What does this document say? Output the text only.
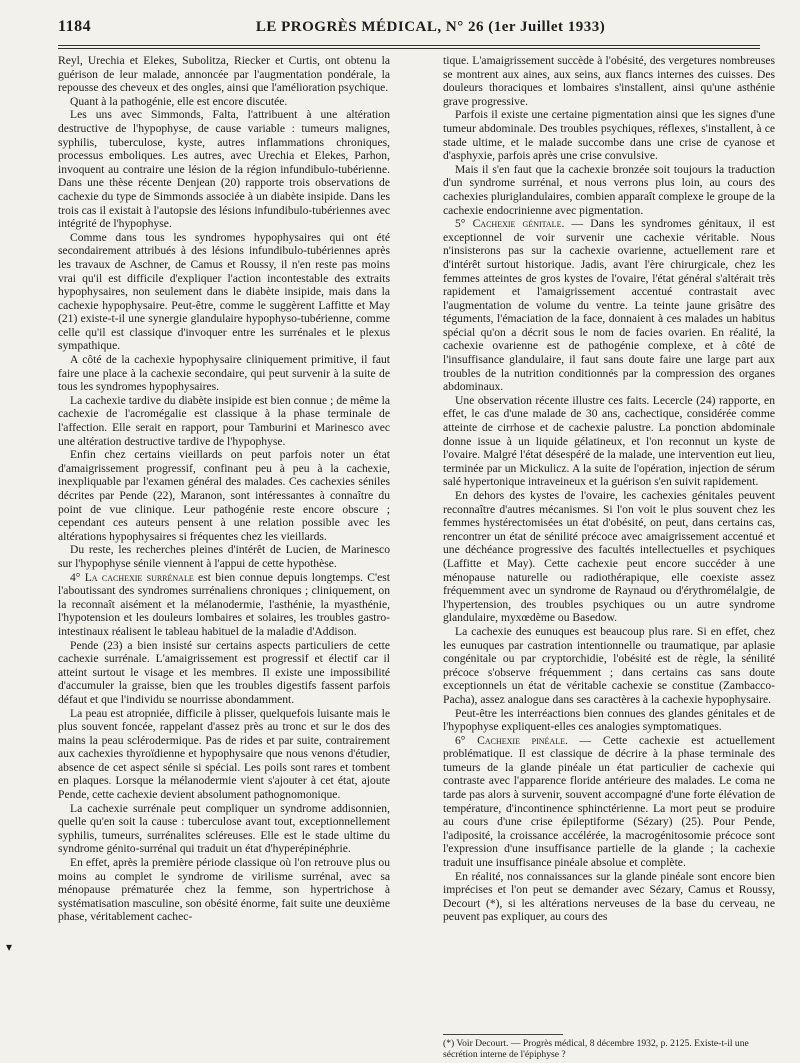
1184	LE PROGRÈS MÉDICAL, N° 26 (1er Juillet 1933)

Reyl, Urechia et Elekes, Subolitza, Riecker et Curtis, ont obtenu la guérison de leur malade, annoncée par l'augmentation pondérale, la repousse des cheveux et des ongles, ainsi que l'amélioration psychique.

Quant à la pathogénie, elle est encore discutée.

Les uns avec Simmonds, Falta, l'attribuent à une altération destructive de l'hypophyse, de cause variable : tumeurs malignes, syphilis, tuberculose, kyste, autres inflammations chroniques, processus emboliques. Les autres, avec Urechia et Elekes, Parhon, invoquent au contraire une lésion de la région infundibulo-tubérienne. Dans une thèse récente Denjean (20) rapporte trois observations de cachexie du type de Simmonds associée à un diabète insipide. Dans les trois cas il existait à l'autopsie des lésions infundibulo-tubériennes avec intégrité de l'hypophyse.

Comme dans tous les syndromes hypophysaires qui ont été secondairement attribués à des lésions infundibulo-tubériennes après les travaux de Aschner, de Camus et Roussy, il n'en reste pas moins vrai qu'il est difficile d'expliquer l'action incontestable des extraits hypophysaires, non seulement dans le diabète insipide, mais dans la cachexie hypophysaire. Peut-être, comme le suggèrent Laffitte et May (21) existe-t-il une synergie glandulaire hypophyso-tubérienne, comme celle qu'il est classique d'invoquer entre les surrénales et le plexus sympathique.

A côté de la cachexie hypophysaire cliniquement primitive, il faut faire une place à la cachexie secondaire, qui peut survenir à la suite de tous les syndromes hypophysaires.

La cachexie tardive du diabète insipide est bien connue ; de même la cachexie de l'acromégalie est classique à la phase terminale de l'affection. Elle serait en rapport, pour Tamburini et Marinesco avec une altération destructive tardive de l'hypophyse.

Enfin chez certains vieillards on peut parfois noter un état d'amaigrissement progressif, confinant peu à peu à la cachexie, inexpliquable par l'examen général des malades. Ces cachexies séniles décrites par Pende (22), Maranon, sont intéressantes à connaître du point de vue clinique. Leur pathogénie reste encore obscure ; cependant ces auteurs pensent à une relation possible avec les altérations hypophysaires si fréquentes chez les vieillards.

Du reste, les recherches pleines d'intérêt de Lucien, de Marinesco sur l'hypophyse sénile viennent à l'appui de cette hypothèse.

4° La cachexie surrénale est bien connue depuis longtemps. C'est l'aboutissant des syndromes surrénaliens chroniques ; cliniquement, on la reconnaît aisément et la mélanodermie, l'asthénie, la myasthénie, l'hypotension et les douleurs lombaires et solaires, les troubles gastro-intestinaux réalisent le tableau habituel de la maladie d'Addison.

Pende (23) a bien insisté sur certains aspects particuliers de cette cachexie surrénale. L'amaigrissement est progressif et électif car il atteint surtout le visage et les membres. Il existe une impossibilité d'accumuler la graisse, bien que les troubles digestifs fassent parfois défaut et que l'individu se nourrisse abondamment.

La peau est atropniée, difficile à plisser, quelquefois luisante mais le plus souvent foncée, rappelant d'assez près au tronc et sur le dos des mains la peau sclérodermique. Pas de rides et par suite, contrairement aux cachexies thyroïdienne et hypophysaire que nous venons d'étudier, absence de cet aspect sénile si spécial. Les poils sont rares et tombent en plaques. Lorsque la mélanodermie vient s'ajouter à cet état, ajoute Pende, cette cachexie devient absolument pathognomonique.

La cachexie surrénale peut compliquer un syndrome addisonnien, quelle qu'en soit la cause : tuberculose avant tout, exceptionnellement syphilis, tumeurs, surrénalites scléreuses. Elle est le stade ultime du syndrome génito-surrénal qui traduit un état d'hyperépinéphrie.

En effet, après la première période classique où l'on retrouve plus ou moins au complet le syndrome de virilisme surrénal, avec sa ménopause prématurée chez la femme, son hypertrichose à systématisation masculine, son obésité énorme, fait suite une deuxième phase, véritablement cachec-

tique. L'amaigrissement succède à l'obésité, des vergetures nombreuses se montrent aux aines, aux seins, aux flancs internes des cuisses. Des douleurs thoraciques et lombaires s'installent, ainsi qu'une asthénie grave progressive.

Parfois il existe une certaine pigmentation ainsi que les signes d'une tumeur abdominale. Des troubles psychiques, réflexes, s'installent, à ce stade ultime, et le malade succombe dans une crise de cyanose et d'asphyxie, parfois après une crise convulsive.

Mais il s'en faut que la cachexie bronzée soit toujours la traduction d'un syndrome surrénal, et nous verrons plus loin, au cours des cachexies pluriglandulaires, combien apparaît complexe le groupe de la cachexie endocrinienne avec pigmentation.

5° Cachexie génitale. — Dans les syndromes génitaux, il est exceptionnel de voir survenir une cachexie véritable. Nous n'insisterons pas sur la cachexie ovarienne, actuellement rare et d'intérêt surtout historique. Jadis, avant l'ère chirurgicale, chez les femmes atteintes de gros kystes de l'ovaire, l'état général s'altérait très rapidement et l'amaigrissement accentué contrastait avec l'augmentation de volume du ventre. La teinte jaune grisâtre des téguments, l'émaciation de la face, donnaient à ces malades un habitus spécial qu'on a décrit sous le nom de facies ovarien. En réalité, la cachexie ovarienne est de pathogénie complexe, et à côté de l'insuffisance glandulaire, il faut sans doute faire une large part aux troubles de la nutrition conditionnés par la compression des organes abdominaux.

Une observation récente illustre ces faits. Lecercle (24) rapporte, en effet, le cas d'une malade de 30 ans, cachectique, considérée comme atteinte de cirrhose et de cachexie palustre. La ponction abdominale donne issue à un liquide gélatineux, et l'on reconnut un kyste de l'ovaire. Malgré l'état désespéré de la malade, une intervention eut lieu, terminée par un Mickulicz. A la suite de l'opération, injection de sérum salé hypertonique intraveineux et la guérison s'en suivit rapidement.

En dehors des kystes de l'ovaire, les cachexies génitales peuvent reconnaître d'autres mécanismes. Si l'on voit le plus souvent chez les femmes hystérectomisées un état d'obésité, on peut, dans certains cas, rencontrer un état de sénilité précoce avec amaigrissement accentué et une déchéance progressive des facultés intellectuelles et psychiques (Laffitte et May). Cette cachexie peut encore succéder à une ménopause naturelle ou radiothérapique, elle coexiste assez fréquemment avec un syndrome de Raynaud ou d'érythromélalgie, de l'hypertension, des troubles psychiques ou un autre syndrome glandulaire, myxœdème ou Basedow.

La cachexie des eunuques est beaucoup plus rare. Si en effet, chez les eunuques par castration intentionnelle ou traumatique, par aplasie congénitale ou par cryptorchidie, l'obésité est de règle, la sénilité précoce s'observe fréquemment ; dans certains cas sans doute exceptionnels un état de véritable cachexie se constitue (Zambacco-Pacha), assez analogue dans ses caractères à la cachexie hypophysaire.

Peut-être les interréactions bien connues des glandes génitales et de l'hypophyse expliquent-elles ces analogies symptomatiques.

6° Cachexie pinéale. — Cette cachexie est actuellement problématique. Il est classique de décrire à la phase terminale des tumeurs de la glande pinéale un état particulier de cachexie qui contraste avec l'apparence floride antérieure des malades. Le coma ne tarde pas alors à survenir, souvent accompagné d'une forte élévation de température, d'incontinence sphinctérienne. La mort peut se produire au cours d'une crise épileptiforme (Sézary) (25). Pour Pende, l'adiposité, la croissance accélérée, la macrogénitosomie précoce sont l'expression d'une insuffisance partielle de la glande ; la cachexie traduit une insuffisance pinéale absolue et complète.

En réalité, nos connaissances sur la glande pinéale sont encore bien imprécises et l'on peut se demander avec Sézary, Camus et Roussy, Decourt (*), si les altérations nerveuses de la base du cerveau, ne peuvent pas expliquer, au cours des

(*) Voir Decourt. — Progrès médical, 8 décembre 1932, p. 2125. Existe-t-il une sécrétion interne de l'épiphyse ?
▾
